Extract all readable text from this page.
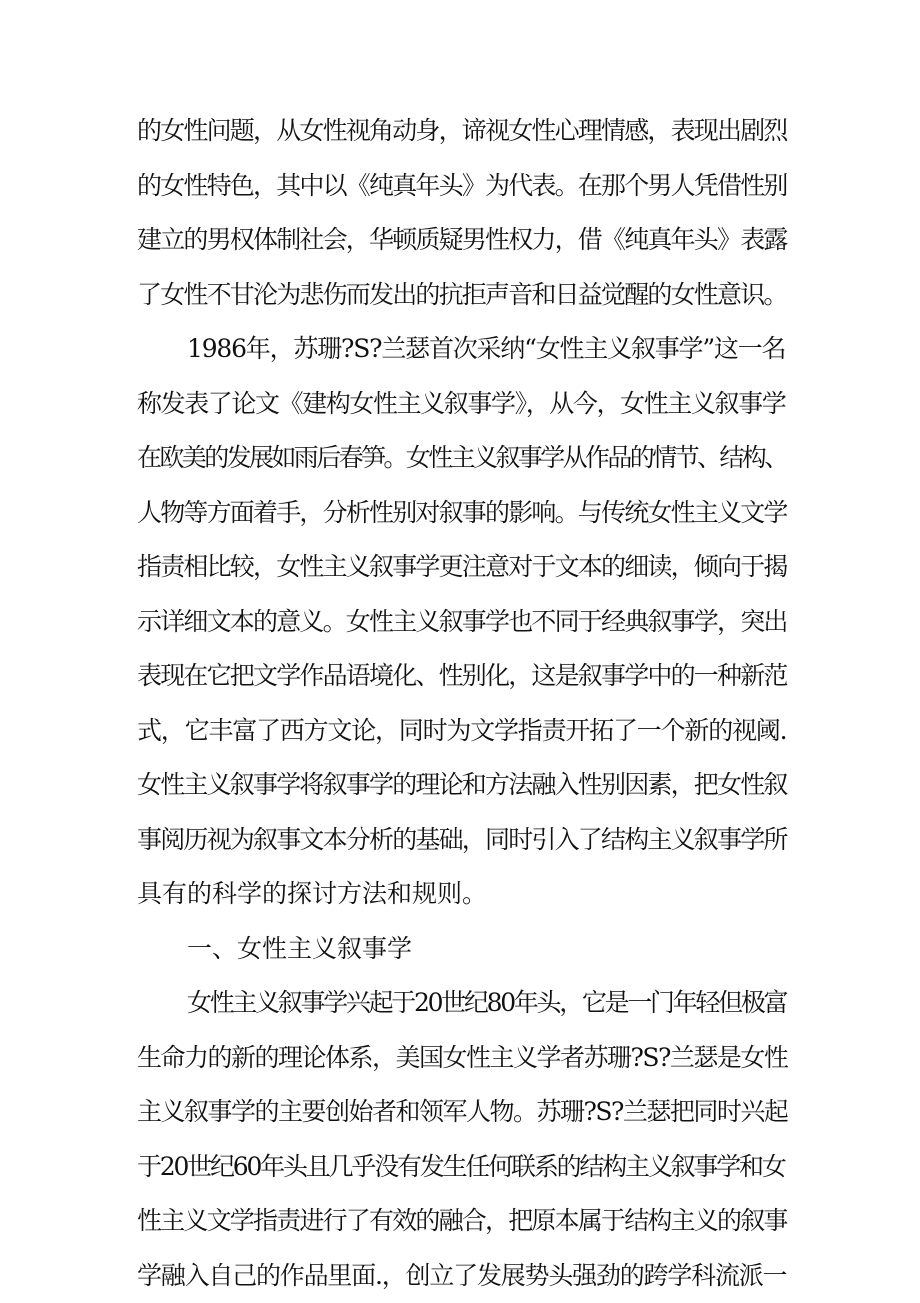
的女性问题，从女性视角动身，谛视女性心理情感，表现出剧烈
的女性特色，其中以《纯真年头》为代表。在那个男人凭借性别
建立的男权体制社会，华顿质疑男性权力，借《纯真年头》表露
了女性不甘沦为悲伤而发出的抗拒声音和日益觉醒的女性意识。
1986年，苏珊?S?兰瑟首次采纳“女性主义叙事学”这一名
称发表了论文《建构女性主义叙事学》，从今，女性主义叙事学
在欧美的发展如雨后春笋。女性主义叙事学从作品的情节、结构、
人物等方面着手，分析性别对叙事的影响。与传统女性主义文学
指责相比较，女性主义叙事学更注意对于文本的细读，倾向于揭
示详细文本的意义。女性主义叙事学也不同于经典叙事学，突出
表现在它把文学作品语境化、性别化，这是叙事学中的一种新范
式，它丰富了西方文论，同时为文学指责开拓了一个新的视阈.
女性主义叙事学将叙事学的理论和方法融入性别因素，把女性叙
事阅历视为叙事文本分析的基础，同时引入了结构主义叙事学所
具有的科学的探讨方法和规则。
一、女性主义叙事学
女性主义叙事学兴起于20世纪80年头，它是一门年轻但极富
生命力的新的理论体系，美国女性主义学者苏珊?S?兰瑟是女性
主义叙事学的主要创始者和领军人物。苏珊?S?兰瑟把同时兴起
于20世纪60年头且几乎没有发生任何联系的结构主义叙事学和女
性主义文学指责进行了有效的融合，把原本属于结构主义的叙事
学融入自己的作品里面.，创立了发展势头强劲的跨学科流派一
